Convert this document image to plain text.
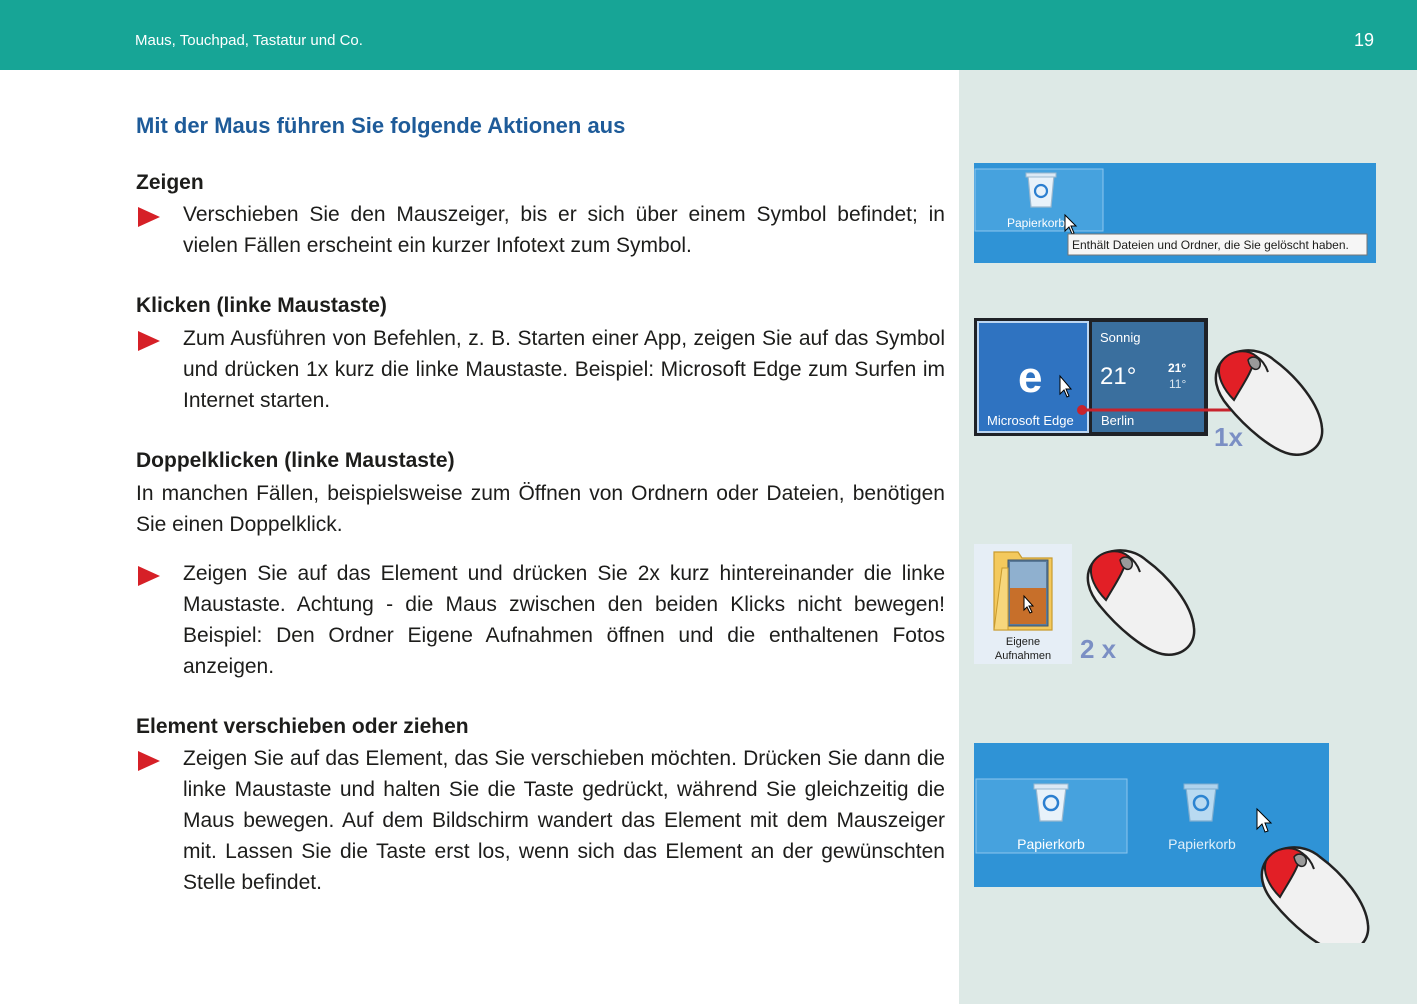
Maus, Touchpad, Tastatur und Co.	19
Mit der Maus führen Sie folgende Aktionen aus
Zeigen
Verschieben Sie den Mauszeiger, bis er sich über einem Symbol befindet; in vielen Fällen erscheint ein kurzer Infotext zum Symbol.
Klicken (linke Maustaste)
Zum Ausführen von Befehlen, z. B. Starten einer App, zeigen Sie auf das Symbol und drücken 1x kurz die linke Maustaste. Beispiel: Microsoft Edge zum Surfen im Internet starten.
Doppelklicken (linke Maustaste)
In manchen Fällen, beispielsweise zum Öffnen von Ordnern oder Dateien, benötigen Sie einen Doppelklick.
Zeigen Sie auf das Element und drücken Sie 2x kurz hintereinander die linke Maustaste. Achtung - die Maus zwischen den beiden Klicks nicht bewegen! Beispiel: Den Ordner Eigene Aufnahmen öffnen und die enthaltenen Fotos anzeigen.
Element verschieben oder ziehen
Zeigen Sie auf das Element, das Sie verschieben möchten. Drücken Sie dann die linke Maustaste und halten Sie die Taste gedrückt, während Sie gleichzeitig die Maus bewegen. Auf dem Bildschirm wandert das Element mit dem Mauszeiger mit. Lassen Sie die Taste erst los, wenn sich das Element an der gewünschten Stelle befindet.
Papierkorb
Enthält Dateien und Ordner, die Sie gelöscht haben.
e
Microsoft Edge
Sonnig
21°	21°
11°
Berlin
1x
Eigene
Aufnahmen 2 x
Papierkorb	Papierkorb
